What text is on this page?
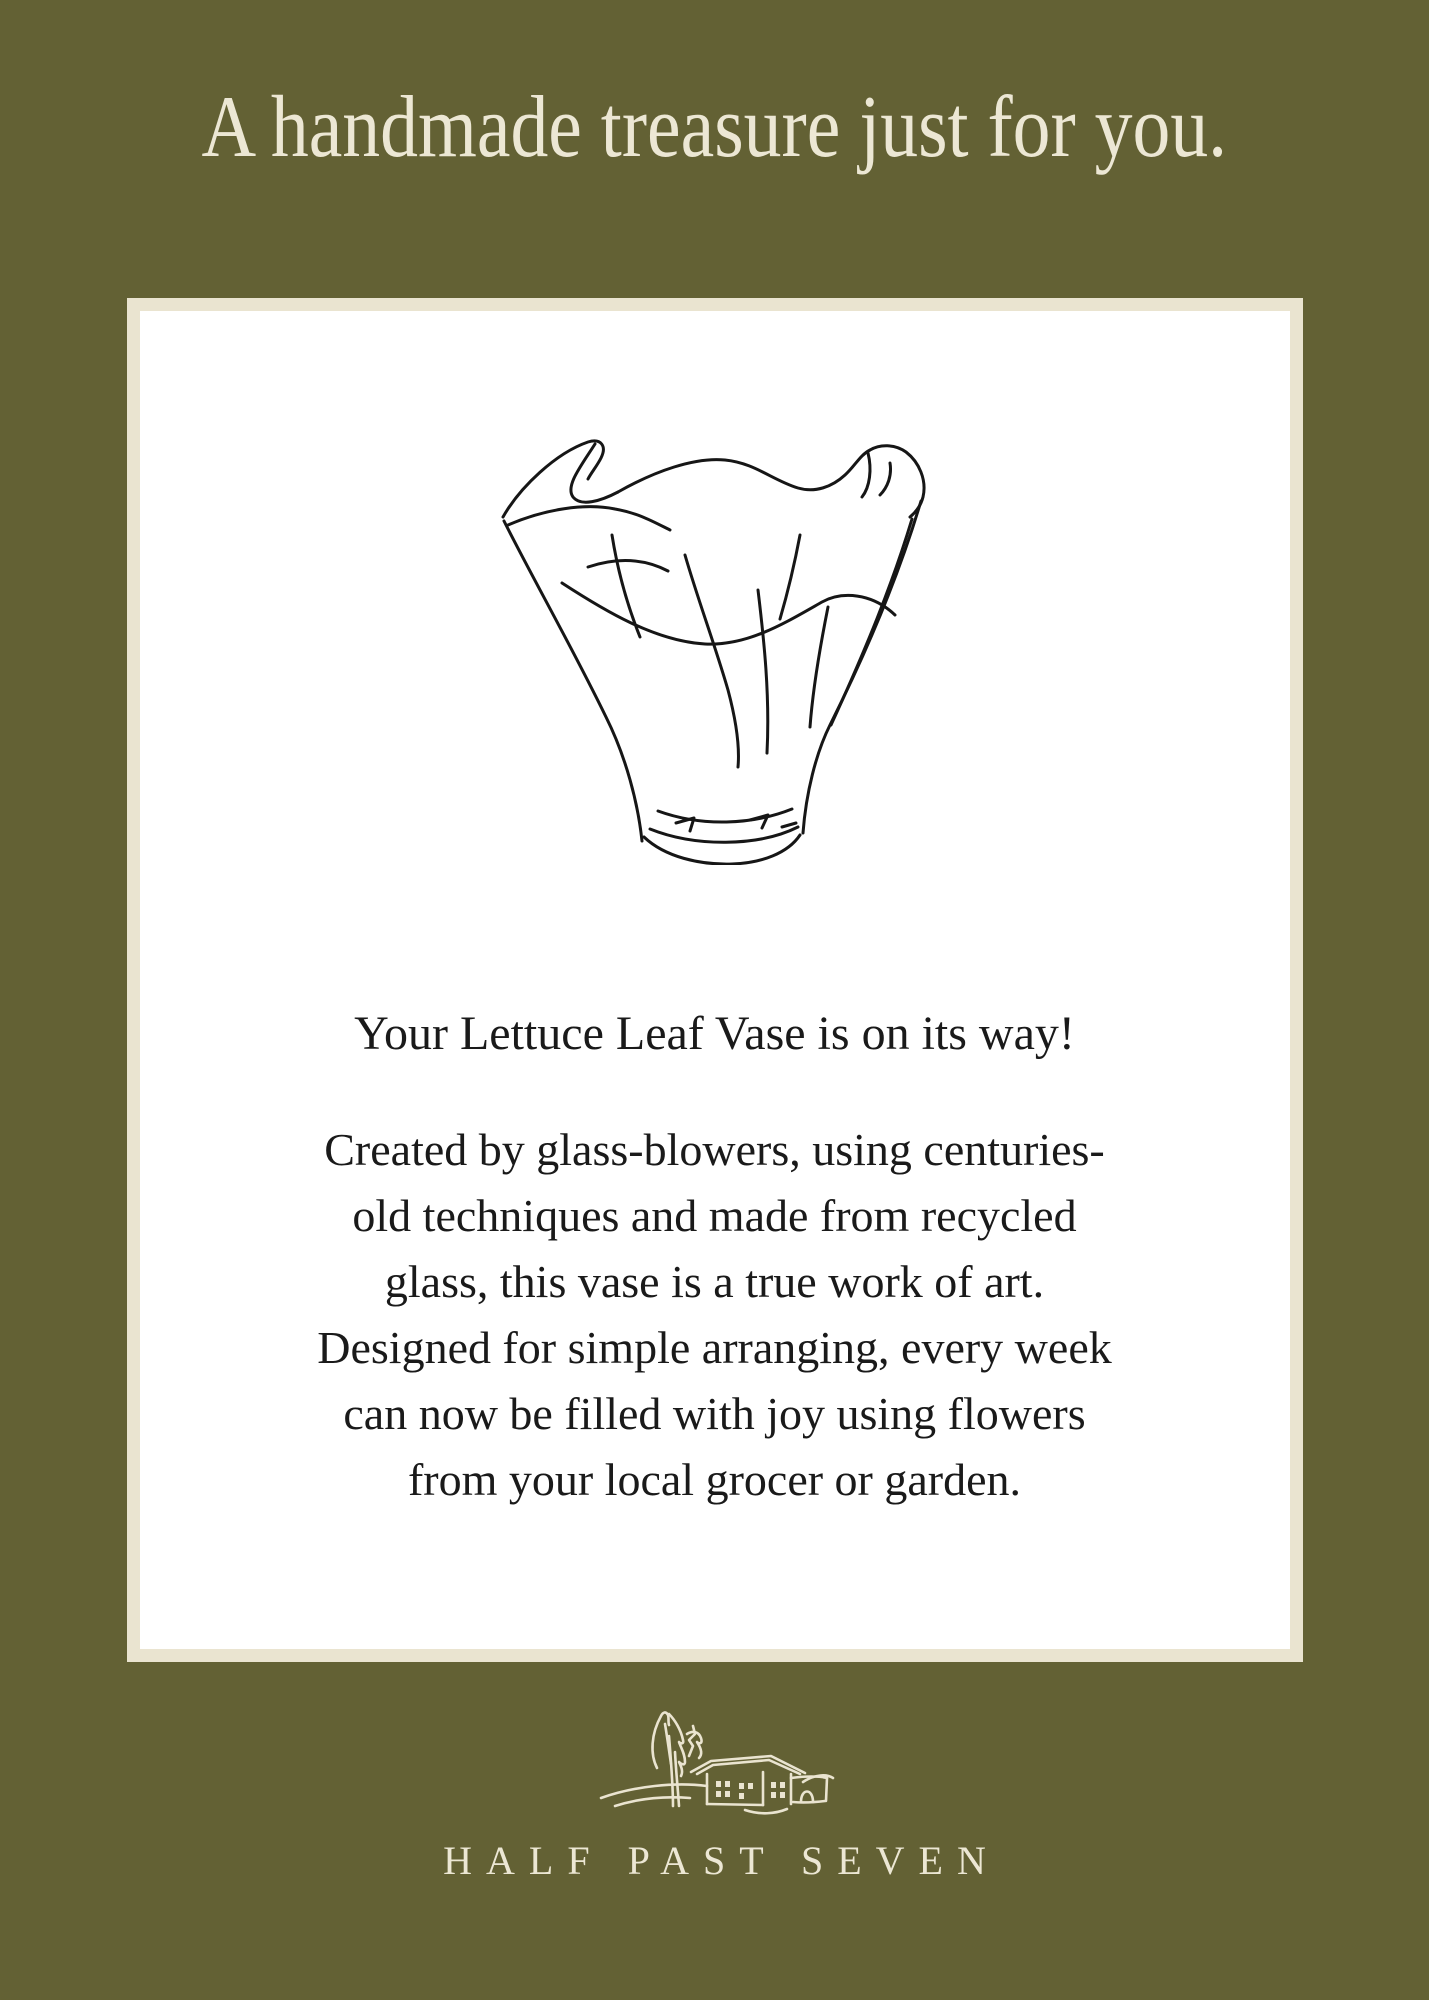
A handmade treasure just for you.
Your Lettuce Leaf Vase is on its way!
Created by glass-blowers, using centuries-
old techniques and made from recycled
glass, this vase is a true work of art.
Designed for simple arranging, every week
can now be filled with joy using flowers
from your local grocer or garden.
HALF PAST SEVEN
